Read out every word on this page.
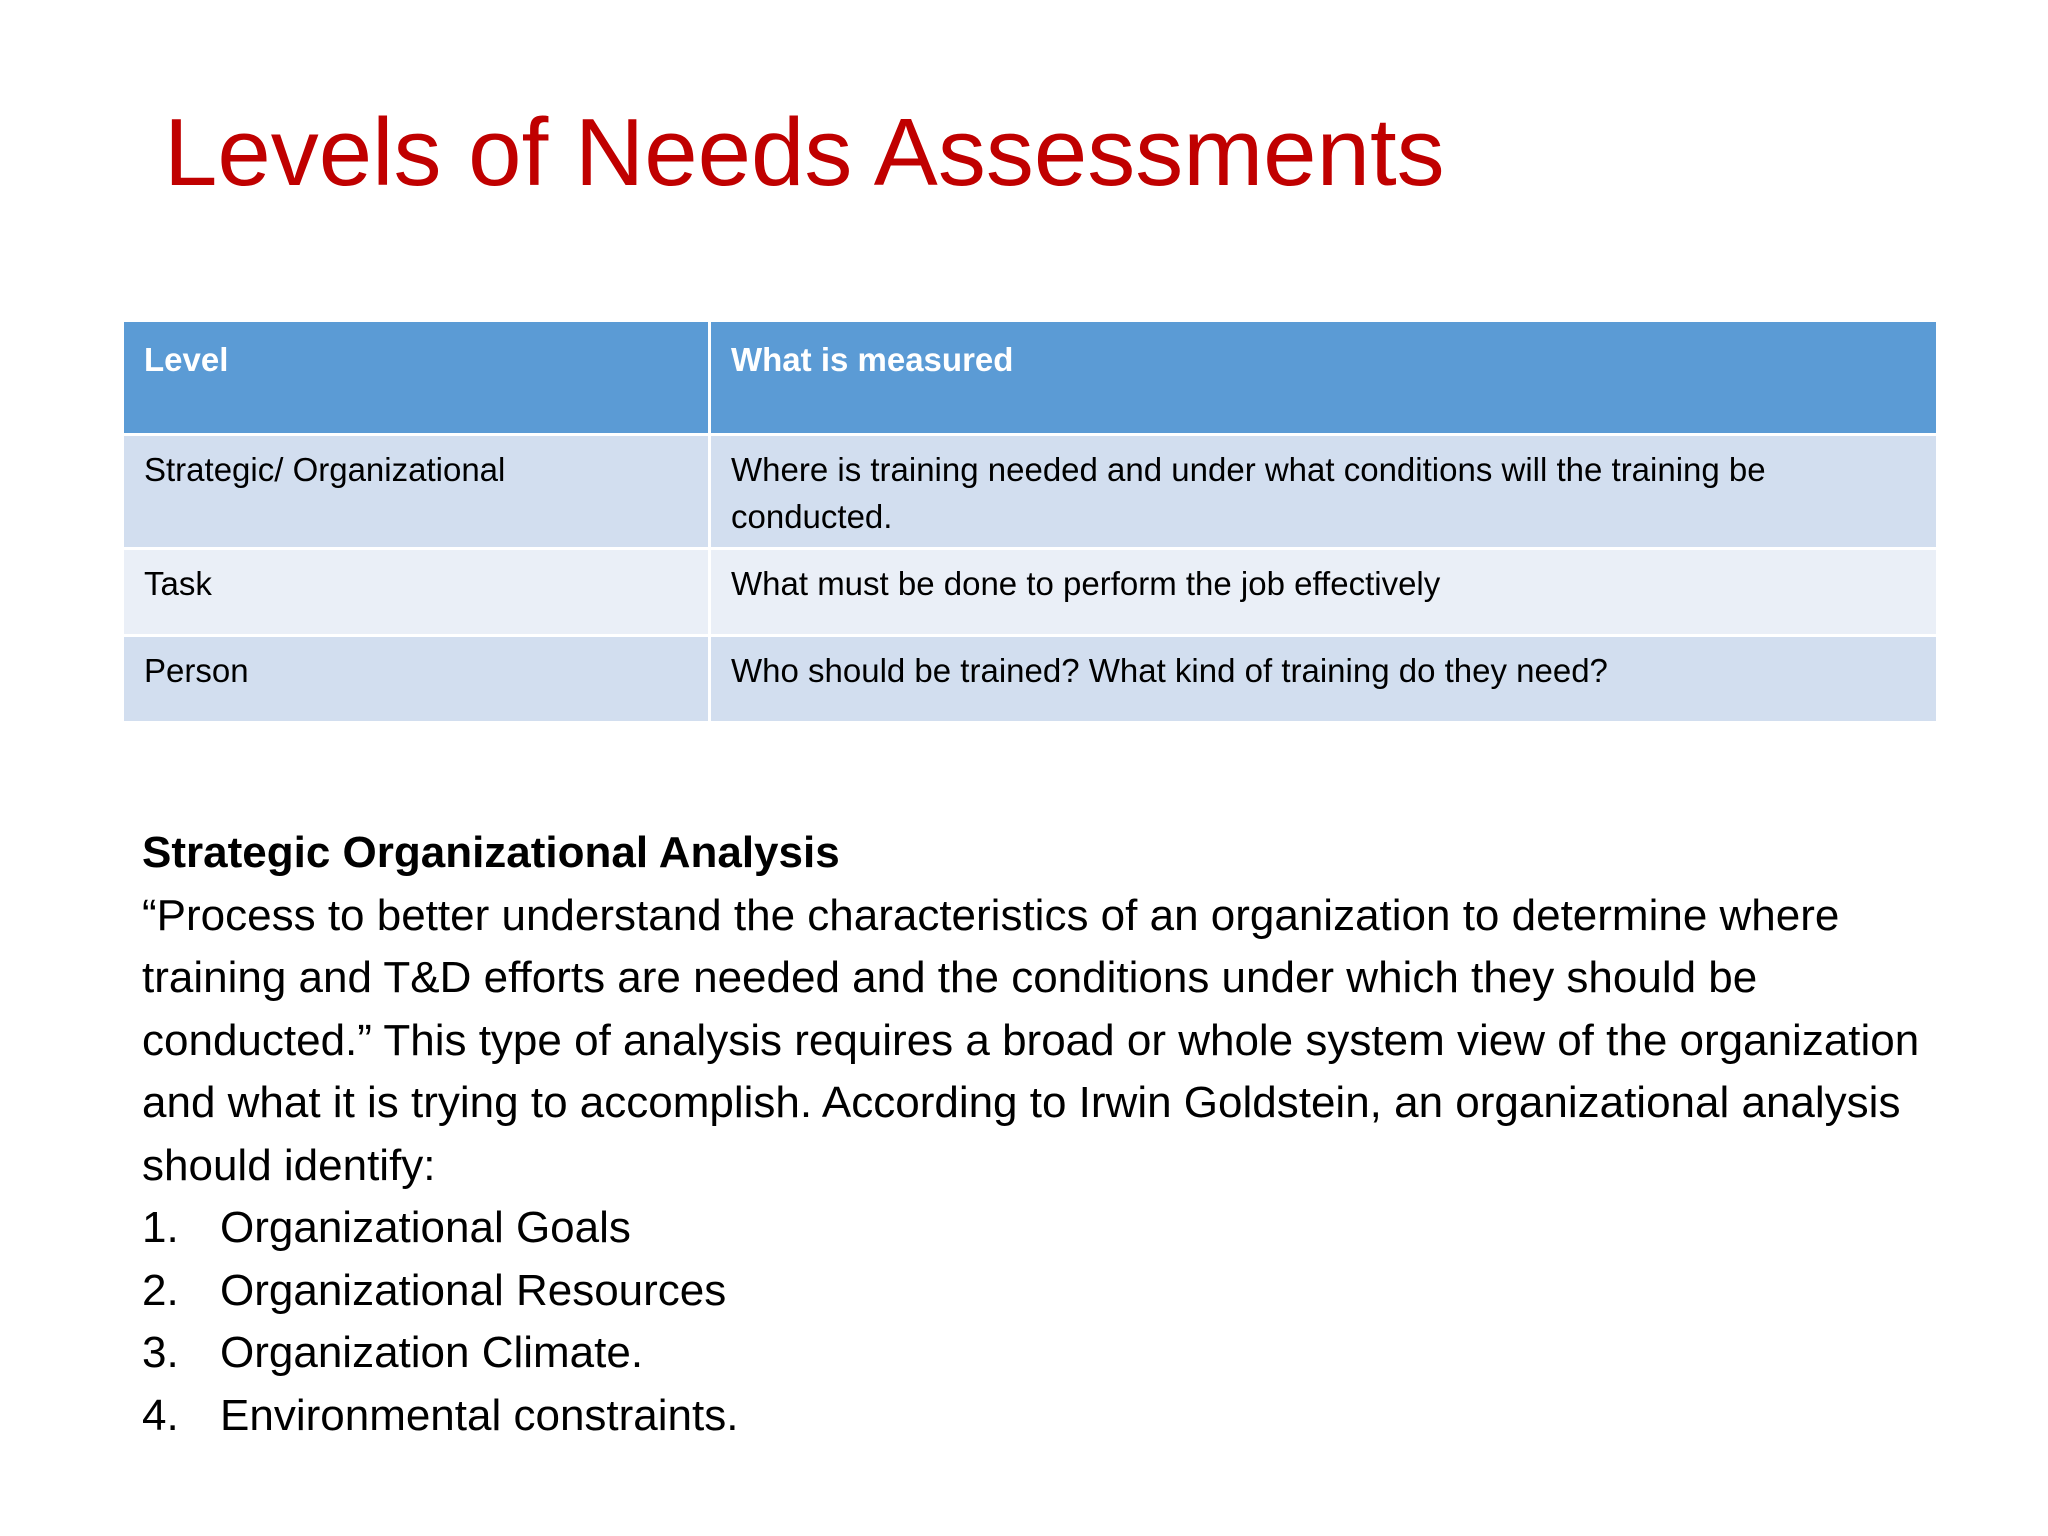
Levels of Needs Assessments
Level	What is measured
Strategic/ Organizational	Where is training needed and under what conditions will the training be conducted.
Task	What must be done to perform the job effectively
Person	Who should be trained? What kind of training do they need?
Strategic Organizational Analysis

“Process to better understand the characteristics of an organization to determine where training and T&D efforts are needed and the conditions under which they should be conducted.” This type of analysis requires a broad or whole system view of the organization and what it is trying to accomplish. According to Irwin Goldstein, an organizational analysis should identify:

1. Organizational Goals
2. Organizational Resources
3. Organization Climate.
4. Environmental constraints.
